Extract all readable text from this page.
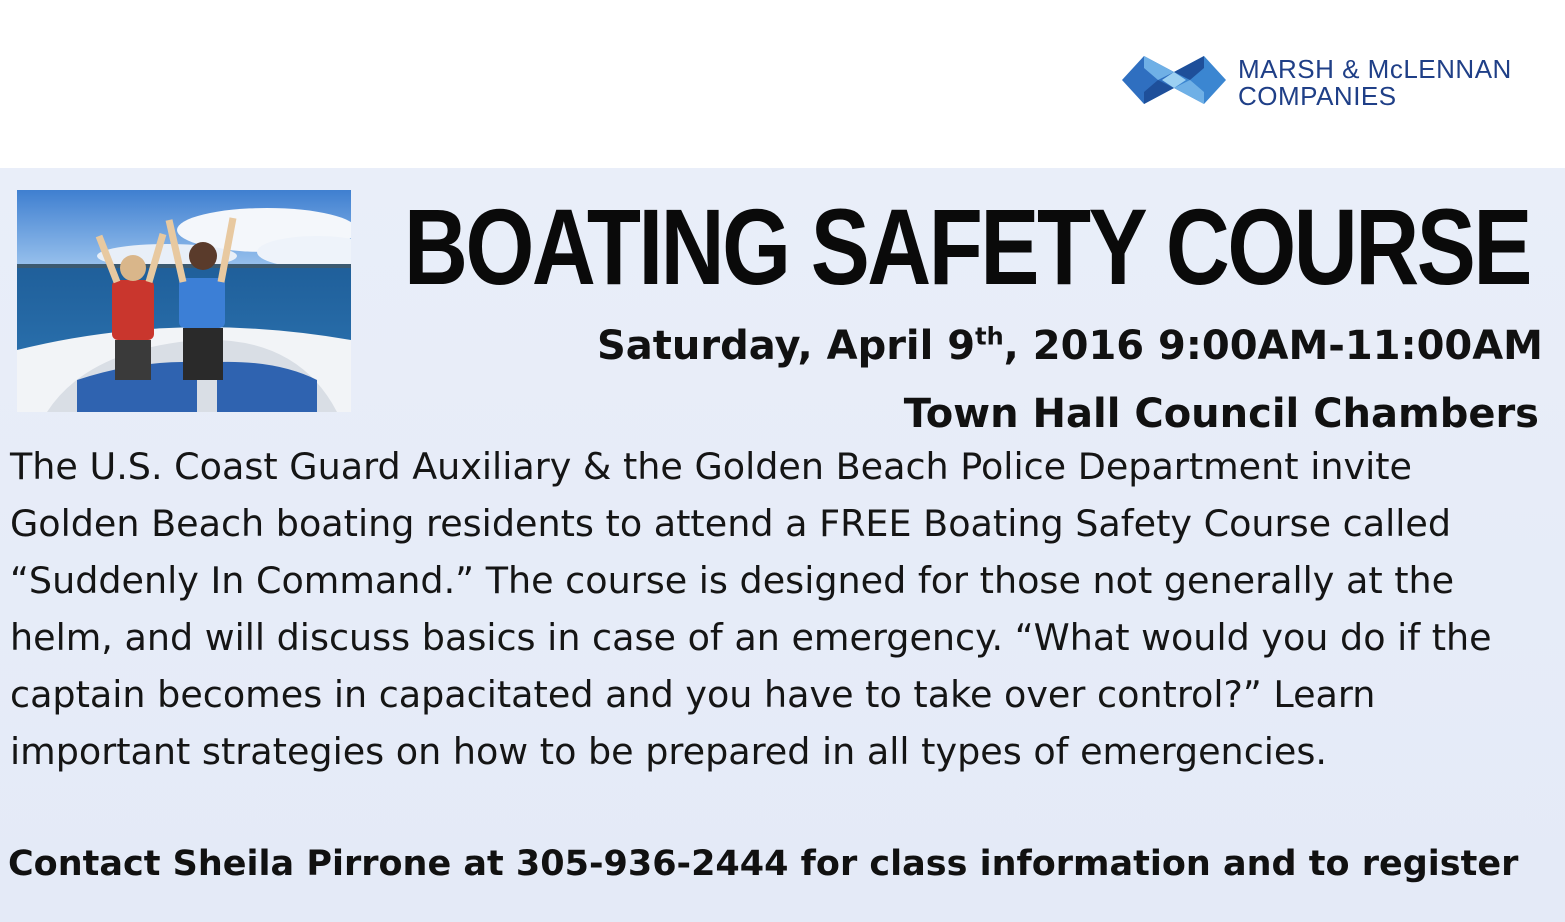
MARSH & McLENNAN
COMPANIES
BOATING SAFETY COURSE
Saturday, April 9th, 2016 9:00AM-11:00AM
Town Hall Council Chambers
The U.S. Coast Guard Auxiliary & the Golden Beach Police Department invite
Golden Beach boating residents to attend a FREE Boating Safety Course called
“Suddenly In Command.” The course is designed for those not generally at the
helm, and will discuss basics in case of an emergency. “What would you do if the
captain becomes in capacitated and you have to take over control?” Learn
important strategies on how to be prepared in all types of emergencies.
Contact Sheila Pirrone at 305-936-2444 for class information and to register
